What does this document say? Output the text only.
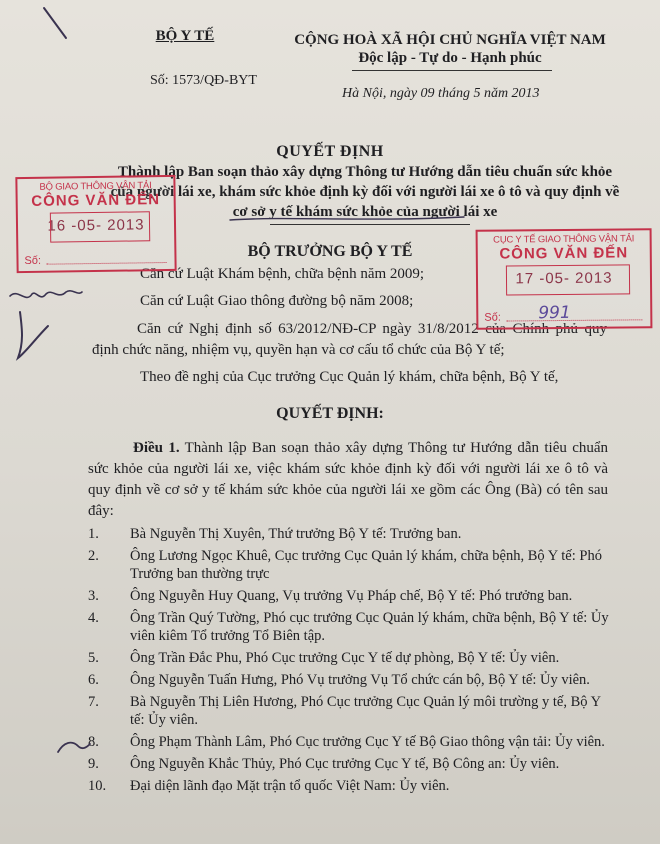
BỘ Y TẾ
Số: 1573/QĐ-BYT
CỘNG HOÀ XÃ HỘI CHỦ NGHĨA VIỆT NAM
Độc lập - Tự do - Hạnh phúc
Hà Nội, ngày 09 tháng 5 năm 2013
QUYẾT ĐỊNH
Thành lập Ban soạn thảo xây dựng Thông tư Hướng dẫn tiêu chuẩn sức khỏe của người lái xe, khám sức khỏe định kỳ đối với người lái xe ô tô và quy định về cơ sở y tế khám sức khỏe của người lái xe
BỘ TRƯỞNG BỘ Y TẾ
Căn cứ Luật Khám bệnh, chữa bệnh năm 2009;
Căn cứ Luật Giao thông đường bộ năm 2008;
Căn cứ Nghị định số 63/2012/NĐ-CP ngày 31/8/2012 của Chính phủ quy định chức năng, nhiệm vụ, quyền hạn và cơ cấu tổ chức của Bộ Y tế;
Theo đề nghị của Cục trưởng Cục Quản lý khám, chữa bệnh, Bộ Y tế,
QUYẾT ĐỊNH:
Điều 1. Thành lập Ban soạn thảo xây dựng Thông tư Hướng dẫn tiêu chuẩn sức khỏe của người lái xe, việc khám sức khỏe định kỳ đối với người lái xe ô tô và quy định về cơ sở y tế khám sức khỏe của người lái xe gồm các Ông (Bà) có tên sau đây:
1. Bà Nguyễn Thị Xuyên, Thứ trưởng Bộ Y tế: Trưởng ban.
2. Ông Lương Ngọc Khuê, Cục trưởng Cục Quản lý khám, chữa bệnh, Bộ Y tế: Phó Trưởng ban thường trực
3. Ông Nguyễn Huy Quang, Vụ trưởng Vụ Pháp chế, Bộ Y tế: Phó trưởng ban.
4. Ông Trần Quý Tường, Phó cục trưởng Cục Quản lý khám, chữa bệnh, Bộ Y tế: Ủy viên kiêm Tổ trưởng Tổ Biên tập.
5. Ông Trần Đắc Phu, Phó Cục trưởng Cục Y tế dự phòng, Bộ Y tế: Ủy viên.
6. Ông Nguyễn Tuấn Hưng, Phó Vụ trưởng Vụ Tổ chức cán bộ, Bộ Y tế: Ủy viên.
7. Bà Nguyễn Thị Liên Hương, Phó Cục trưởng Cục Quản lý môi trường y tế, Bộ Y tế: Ủy viên.
8. Ông Phạm Thành Lâm, Phó Cục trưởng Cục Y tế Bộ Giao thông vận tải: Ủy viên.
9. Ông Nguyễn Khắc Thủy, Phó Cục trưởng Cục Y tế, Bộ Công an: Ủy viên.
10. Đại diện lãnh đạo Mặt trận tổ quốc Việt Nam: Ủy viên.
BỘ GIAO THÔNG VẬN TẢI
CÔNG VĂN ĐẾN
16 -05- 2013
Số:
CỤC Y TẾ GIAO THÔNG VẬN TẢI
CÔNG VĂN ĐẾN
17 -05- 2013
Số: 991
